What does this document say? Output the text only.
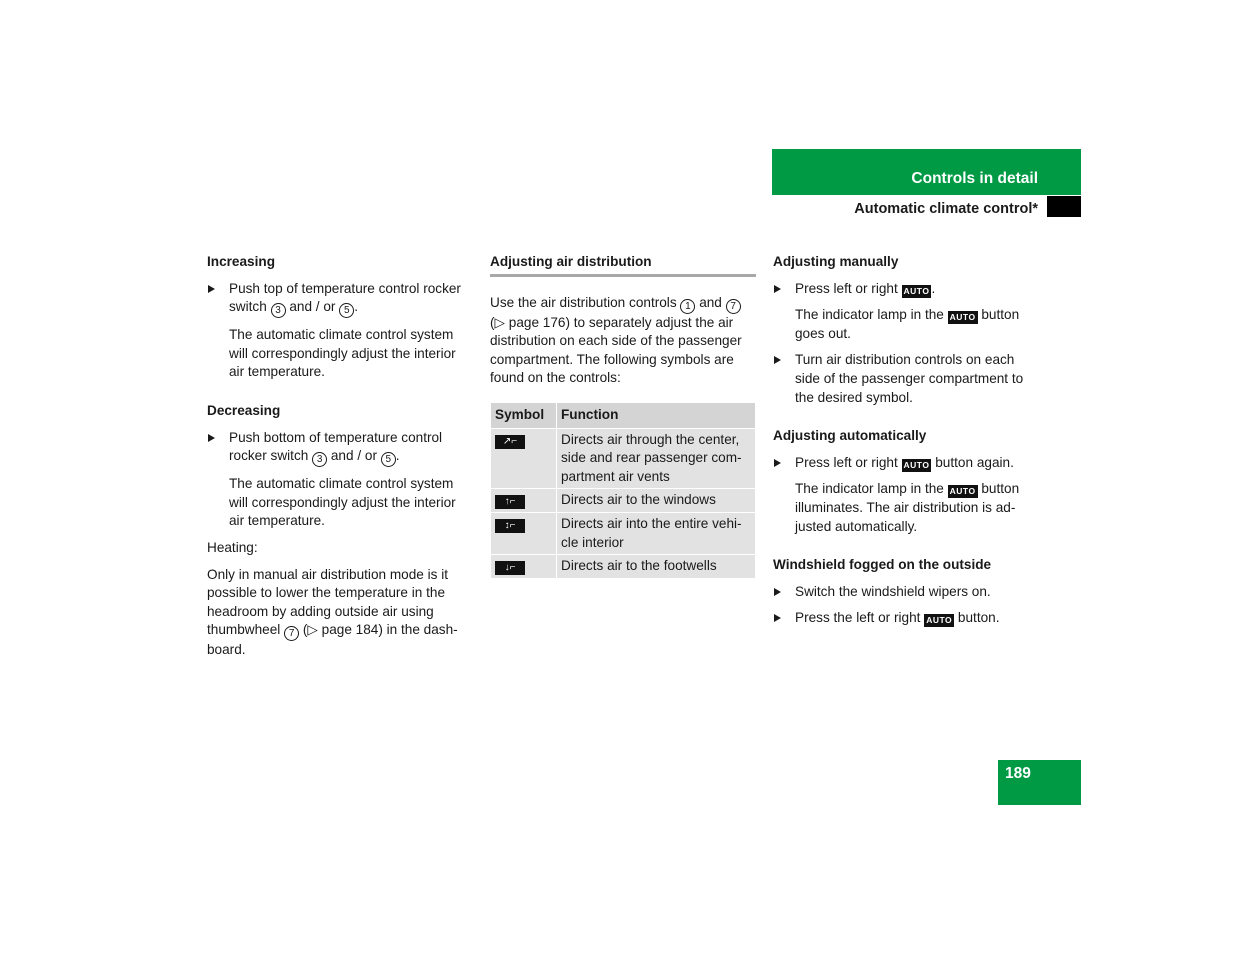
Controls in detail
Automatic climate control*
Increasing
Push top of temperature control rocker switch 3 and / or 5 .

The automatic climate control system will correspondingly adjust the interior air temperature.

Decreasing
Push bottom of temperature control rocker switch 3 and / or 5 .

The automatic climate control system will correspondingly adjust the interior air temperature.

Heating:

Only in manual air distribution mode is it possible to lower the temperature in the headroom by adding outside air using thumbwheel 7 (▷ page 184) in the dash-board.

Adjusting air distribution

Use the air distribution controls 1 and 7 (▷ page 176) to separately adjust the air distribution on each side of the passenger compartment. The following symbols are found on the controls:

Symbol	Function
↗⌐	Directs air through the center, side and rear passenger com-partment air vents
↑⌐	Directs air to the windows
↕⌐	Directs air into the entire vehi-cle interior
↓⌐	Directs air to the footwells
Adjusting manually
Press left or right AUTO .

The indicator lamp in the AUTO button goes out.

Turn air distribution controls on each side of the passenger compartment to the desired symbol.
Adjusting automatically
Press left or right AUTO button again.

The indicator lamp in the AUTO button illuminates. The air distribution is ad-justed automatically.

Windshield fogged on the outside
Switch the windshield wipers on.
Press the left or right AUTO button.
189
